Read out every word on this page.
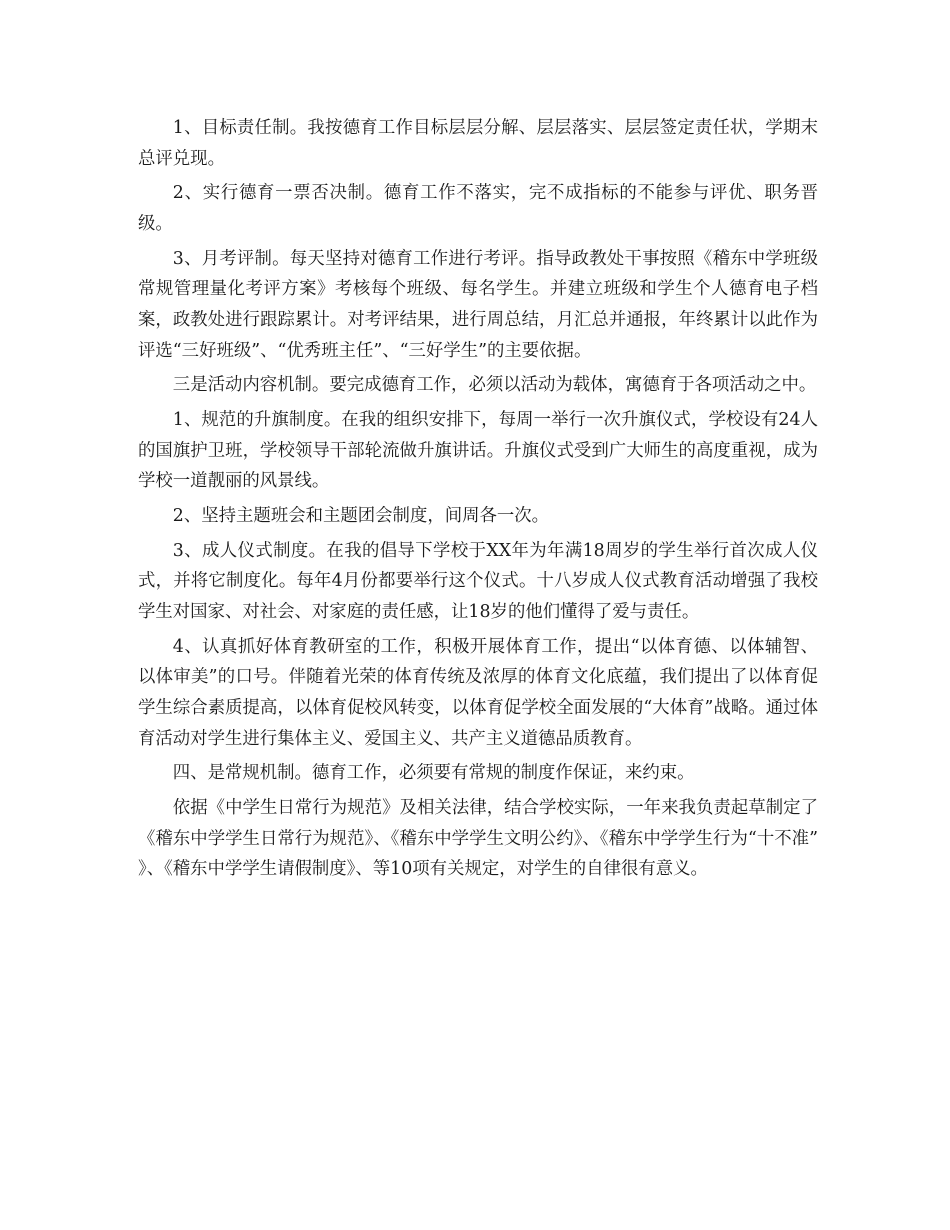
1、目标责任制。我按德育工作目标层层分解、层层落实、层层签定责任状，学期末总评兑现。

2、实行德育一票否决制。德育工作不落实，完不成指标的不能参与评优、职务晋级。

3、月考评制。每天坚持对德育工作进行考评。指导政教处干事按照《稽东中学班级常规管理量化考评方案》考核每个班级、每名学生。并建立班级和学生个人德育电子档案，政教处进行跟踪累计。对考评结果，进行周总结，月汇总并通报，年终累计以此作为评选“三好班级”、“优秀班主任”、“三好学生”的主要依据。

三是活动内容机制。要完成德育工作，必须以活动为载体，寓德育于各项活动之中。

1、规范的升旗制度。在我的组织安排下，每周一举行一次升旗仪式，学校设有24人的国旗护卫班，学校领导干部轮流做升旗讲话。升旗仪式受到广大师生的高度重视，成为学校一道靓丽的风景线。

2、坚持主题班会和主题团会制度，间周各一次。

3、成人仪式制度。在我的倡导下学校于XX年为年满18周岁的学生举行首次成人仪式，并将它制度化。每年4月份都要举行这个仪式。十八岁成人仪式教育活动增强了我校学生对国家、对社会、对家庭的责任感，让18岁的他们懂得了爱与责任。

4、认真抓好体育教研室的工作，积极开展体育工作，提出“以体育德、以体辅智、以体审美”的口号。伴随着光荣的体育传统及浓厚的体育文化底蕴，我们提出了以体育促学生综合素质提高，以体育促校风转变，以体育促学校全面发展的“大体育”战略。通过体育活动对学生进行集体主义、爱国主义、共产主义道德品质教育。

四、是常规机制。德育工作，必须要有常规的制度作保证，来约束。

依据《中学生日常行为规范》及相关法律，结合学校实际，一年来我负责起草制定了《稽东中学学生日常行为规范》、《稽东中学学生文明公约》、《稽东中学学生行为“十不准” 》、《稽东中学学生请假制度》、等10项有关规定，对学生的自律很有意义。
